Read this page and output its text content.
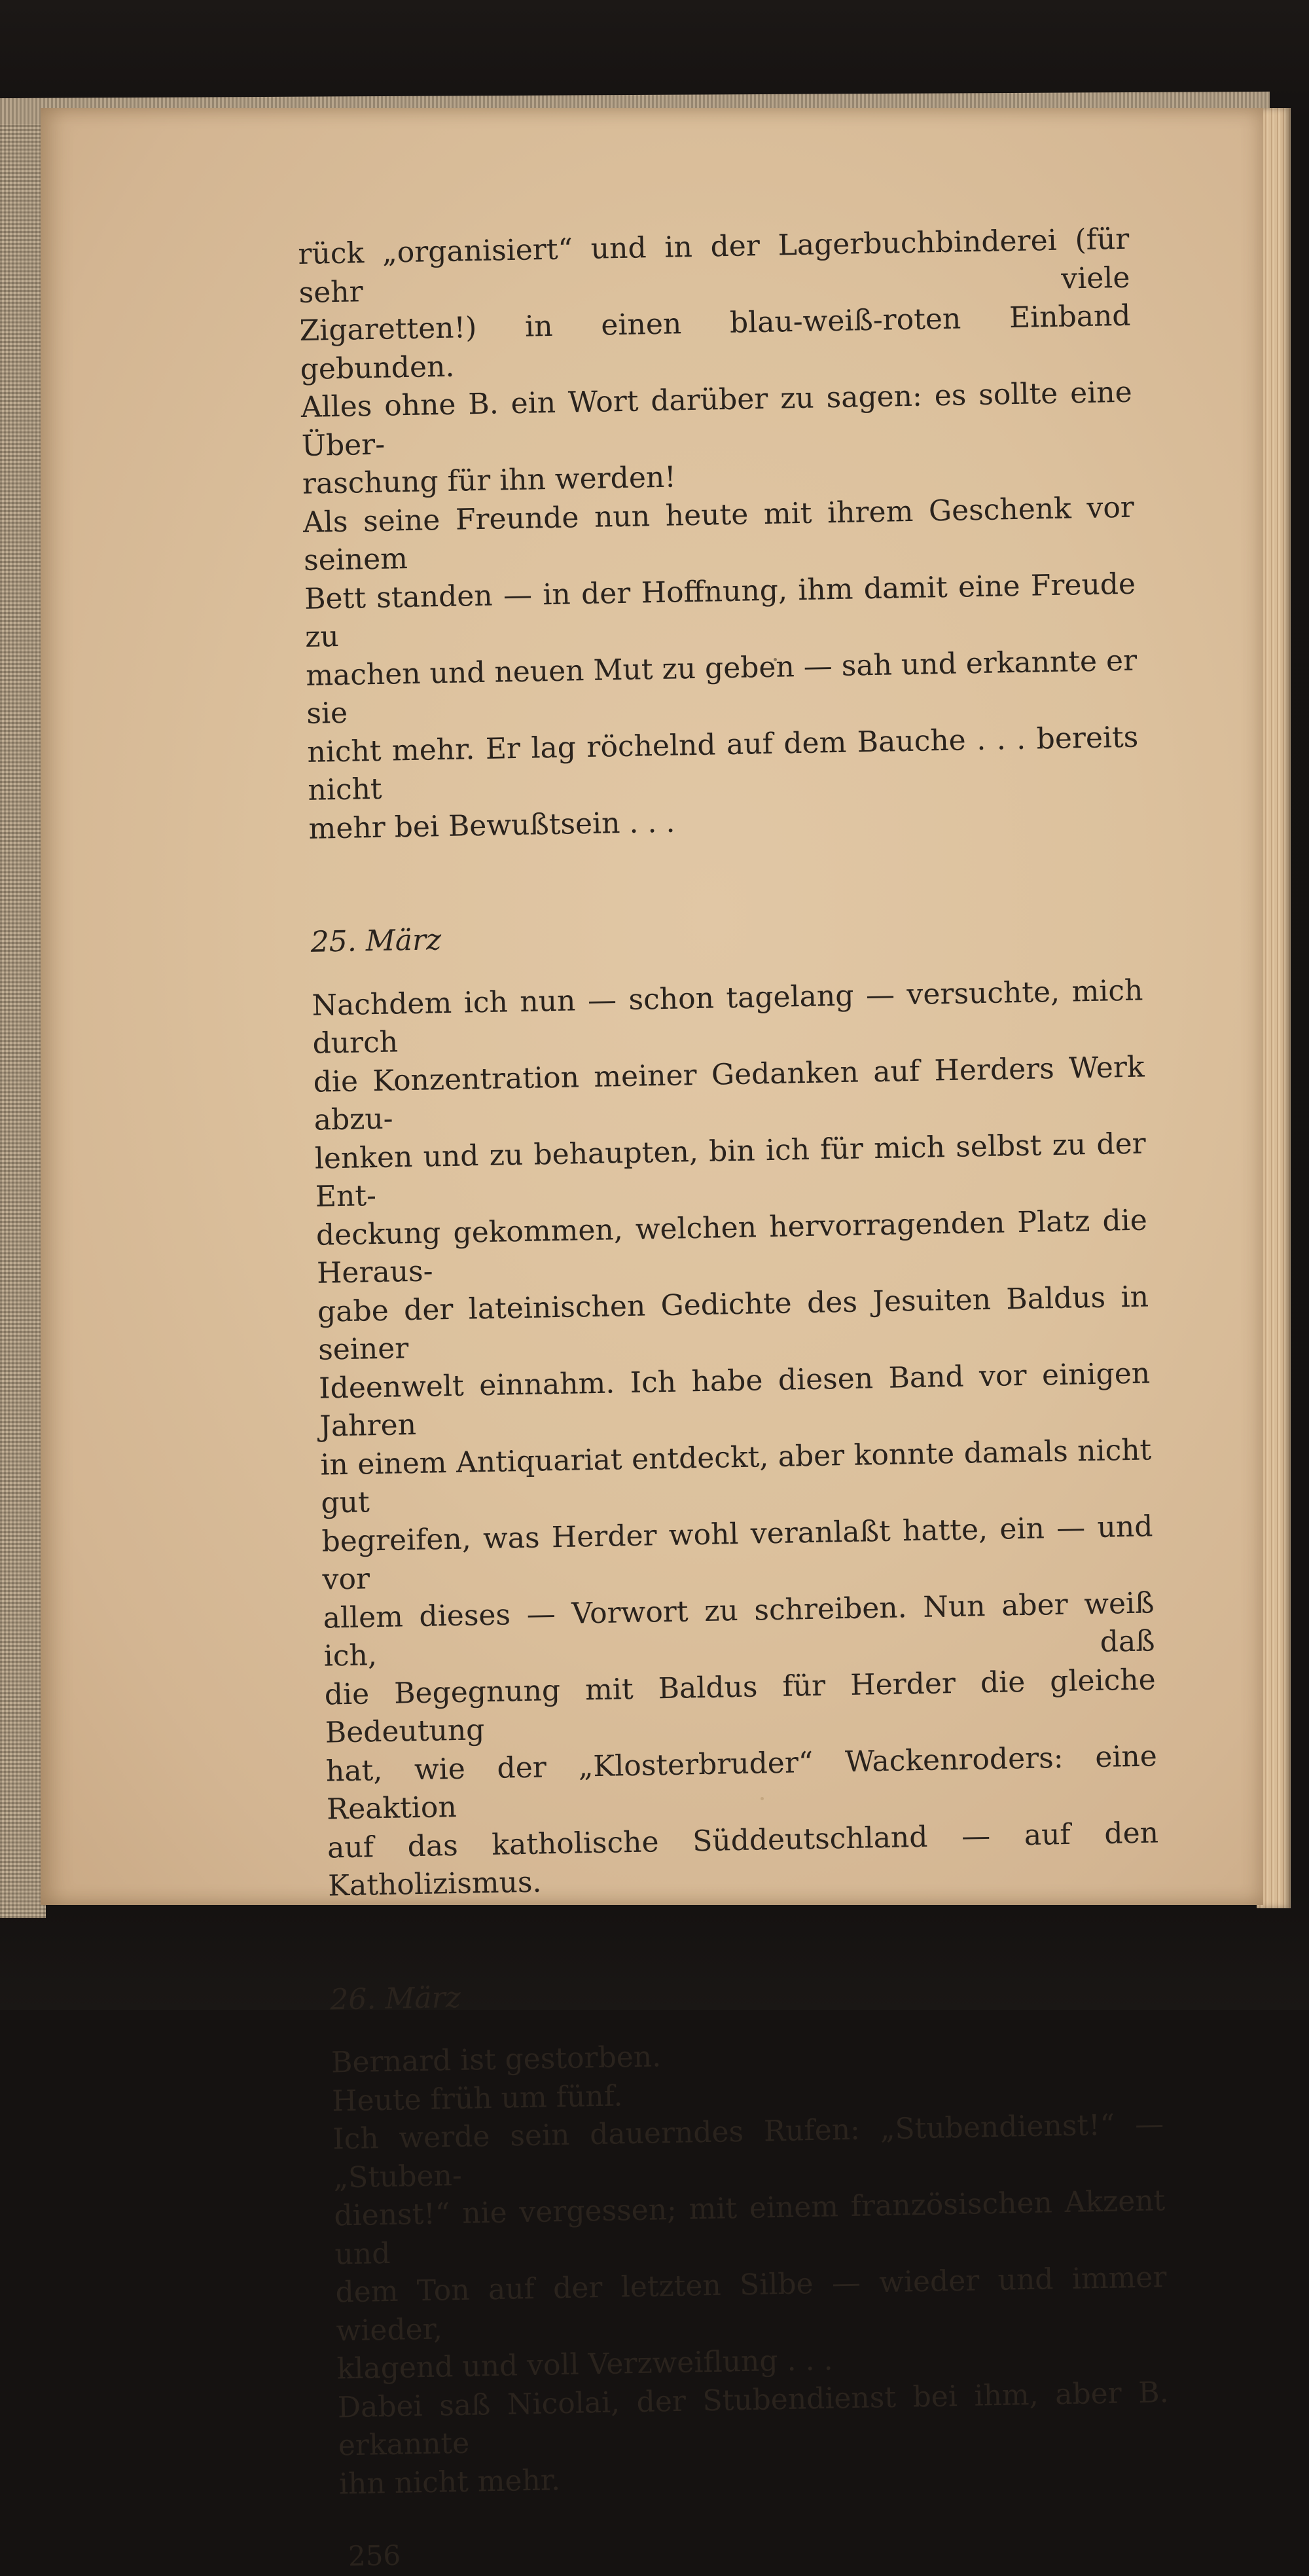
rück „organisiert“ und in der Lagerbuchbinderei (für sehr viele

Zigaretten!) in einen blau-weiß-roten Einband gebunden.

Alles ohne B. ein Wort darüber zu sagen: es sollte eine Über-

raschung für ihn werden!

Als seine Freunde nun heute mit ihrem Geschenk vor seinem

Bett standen — in der Hoffnung, ihm damit eine Freude zu

machen und neuen Mut zu geben — sah und erkannte er sie

nicht mehr. Er lag röchelnd auf dem Bauche . . . bereits nicht

mehr bei Bewußtsein . . .

25. März

Nachdem ich nun — schon tagelang — versuchte, mich durch

die Konzentration meiner Gedanken auf Herders Werk abzu-

lenken und zu behaupten, bin ich für mich selbst zu der Ent-

deckung gekommen, welchen hervorragenden Platz die Heraus-

gabe der lateinischen Gedichte des Jesuiten Baldus in seiner

Ideenwelt einnahm. Ich habe diesen Band vor einigen Jahren

in einem Antiquariat entdeckt, aber konnte damals nicht gut

begreifen, was Herder wohl veranlaßt hatte, ein — und vor

allem dieses — Vorwort zu schreiben. Nun aber weiß ich, daß

die Begegnung mit Baldus für Herder die gleiche Bedeutung

hat, wie der „Klosterbruder“ Wackenroders: eine Reaktion

auf das katholische Süddeutschland — auf den Katholizismus.

26. März

Bernard ist gestorben.

Heute früh um fünf.

Ich werde sein dauerndes Rufen: „Stubendienst!“ — „Stuben-

dienst!“ nie vergessen; mit einem französischen Akzent und

dem Ton auf der letzten Silbe — wieder und immer wieder,

klagend und voll Verzweiflung . . .

Dabei saß Nicolai, der Stubendienst bei ihm, aber B. erkannte

ihn nicht mehr.

256
